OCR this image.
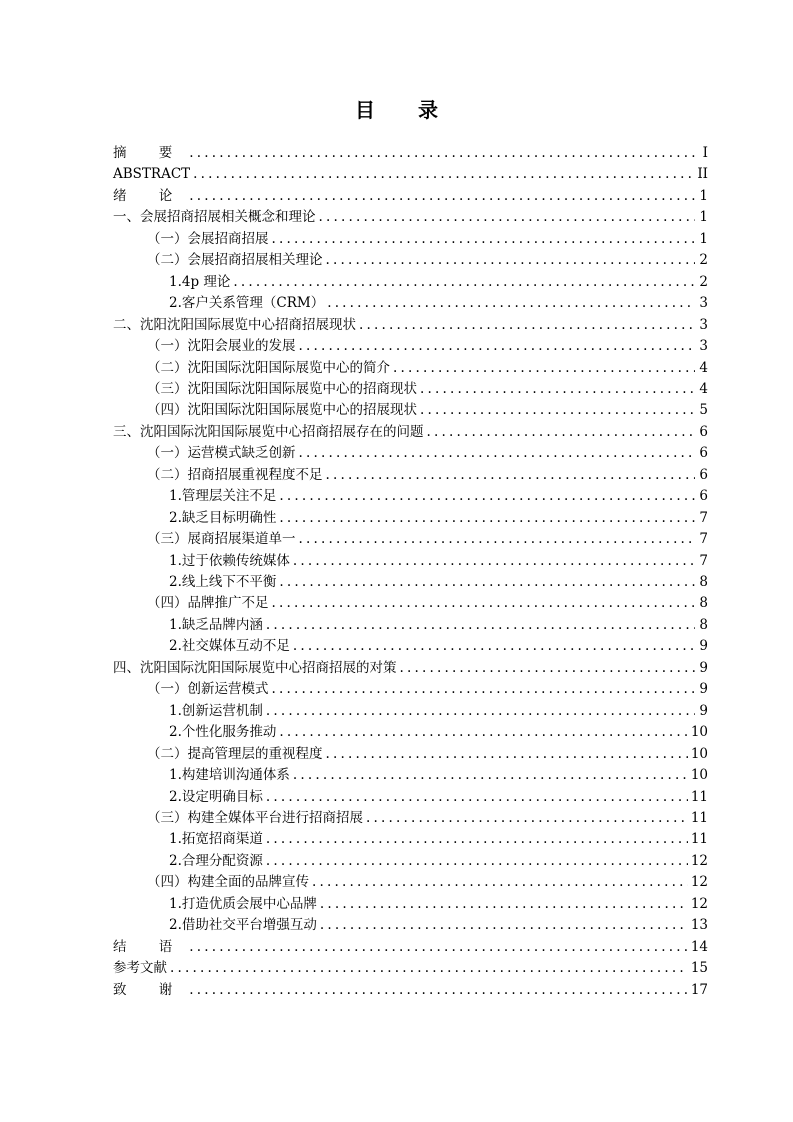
目 录
摘 要 .....	I
ABSTRACT .....	II
绪 论 .....	1
一、会展招商招展相关概念和理论 .....	1
（一）会展招商招展 .....	1
（二）会展招商招展相关理论 .....	2
1.4p 理论 .....	2
2.客户关系管理（CRM） .....	3
二、沈阳沈阳国际展览中心招商招展现状 .....	3
（一）沈阳会展业的发展 .....	3
（二）沈阳国际沈阳国际展览中心的简介 .....	4
（三）沈阳国际沈阳国际展览中心的招商现状 .....	4
（四）沈阳国际沈阳国际展览中心的招展现状 .....	5
三、沈阳国际沈阳国际展览中心招商招展存在的问题 .....	6
（一）运营模式缺乏创新 .....	6
（二）招商招展重视程度不足 .....	6
1.管理层关注不足 .....	6
2.缺乏目标明确性 .....	7
（三）展商招展渠道单一 .....	7
1.过于依赖传统媒体 .....	7
2.线上线下不平衡 .....	8
（四）品牌推广不足 .....	8
1.缺乏品牌内涵 .....	8
2.社交媒体互动不足 .....	9
四、沈阳国际沈阳国际展览中心招商招展的对策 .....	9
（一）创新运营模式 .....	9
1.创新运营机制 .....	9
2.个性化服务推动 .....	10
（二）提高管理层的重视程度 .....	10
1.构建培训沟通体系 .....	10
2.设定明确目标 .....	11
（三）构建全媒体平台进行招商招展 .....	11
1.拓宽招商渠道 .....	11
2.合理分配资源 .....	12
（四）构建全面的品牌宣传 .....	12
1.打造优质会展中心品牌 .....	12
2.借助社交平台增强互动 .....	13
结 语 .....	14
参考文献 .....	15
致 谢 .....	17
